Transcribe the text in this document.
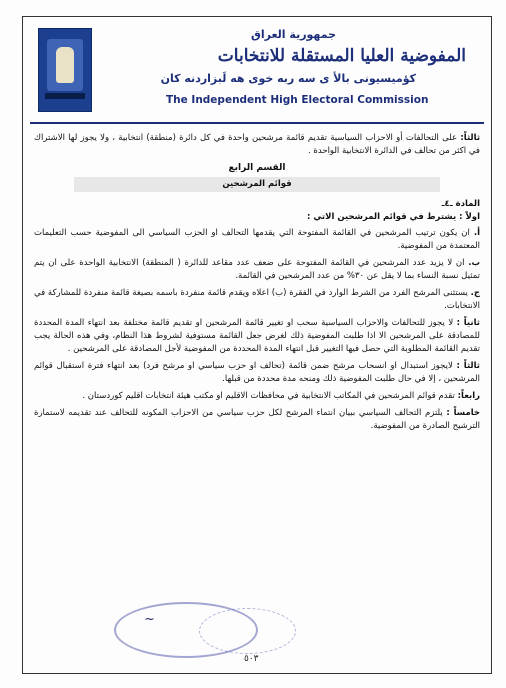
جمهورية العراق
المفوضية العليا المستقلة للانتخابات
كؤميسيونى بالأ ى سه ربه خوى هه لَبزاردنه كان
The Independent High Electoral Commission

ثالثاً: على التحالفات أو الاحزاب السياسية تقديم قائمة مرشحين واحدة في كل دائرة (منطقة) انتخابية ، ولا يجوز لها الاشتراك في اكثر من تحالف في الدائرة الانتخابية الواحدة .

القسم الرابع
قوائم المرشحين
المادة ـ٤ـ
اولاً : يشترط في قوائم المرشحين الاتي :

أ. ان يكون ترتيب المرشحين في القائمة المفتوحة التي يقدمها التحالف او الحزب السياسي الى المفوضية حسب التعليمات المعتمدة من المفوضية.

ب. ان لا يزيد عدد المرشحين في القائمة المفتوحة على ضعف عدد مقاعد للدائرة ( المنطقة) الانتخابية الواحدة على ان يتم تمثيل نسبة النساء بما لا يقل عن ٣٠% من عدد المرشحين في القائمة.

ج. يستثنى المرشح الفرد من الشرط الوارد في الفقرة (ب) اعلاه ويقدم قائمة منفردة باسمه بصيغة قائمة منفردة للمشاركة في الانتخابات.

ثانياً : لا يجوز للتحالفات والاحزاب السياسية سحب او تغيير قائمة المرشحين او تقديم قائمة مختلفة بعد انتهاء المدة المحددة للمصادقة على المرشحين الا اذا طلبت المفوضية ذلك لغرض جعل القائمة مستوفية لشروط هذا النظام، وفي هذه الحالة يجب تقديم القائمة المطلوبة التي حصل فيها التغيير قبل انتهاء المدة المحددة من المفوضية لأجل المصادقة على المرشحين .

ثالثاً : لايجوز استبدال او انسحاب مرشح ضمن قائمة (تحالف او حزب سياسي او مرشح فرد) بعد انتهاء فترة استقبال قوائم المرشحين ، إلا في حال طلبت المفوضية ذلك ومنحه مدة محددة من قبلها.

رابعاً: تقدم قوائم المرشحين في المكاتب الانتخابية في محافظات الاقليم او مكتب هيئة انتخابات اقليم كوردستان .

خامساً : يلتزم التحالف السياسي ببيان انتماء المرشح لكل حزب سياسي من الاحزاب المكونه للتحالف عند تقديمه لاستمارة الترشيح الصادرة من المفوضية.

~
٥٠٣
